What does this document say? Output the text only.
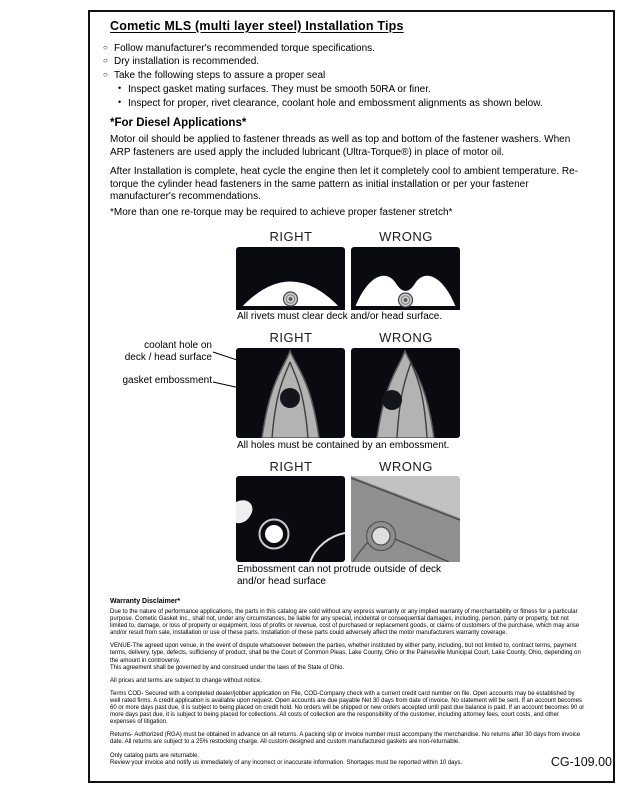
Cometic MLS (multi layer steel) Installation Tips
○ Follow manufacturer's recommended torque specifications.
○ Dry installation is recommended.
○ Take the following steps to assure a proper seal
• Inspect gasket mating surfaces. They must be smooth 50RA or finer.
• Inspect for proper, rivet clearance, coolant hole and embossment alignments as shown below.
*For Diesel Applications*

Motor oil should be applied to fastener threads as well as top and bottom of the fastener washers. When ARP fasteners are used apply the included lubricant (Ultra-Torque®) in place of motor oil.

After Installation is complete, heat cycle the engine then let it completely cool to ambient temperature. Re-torque the cylinder head fasteners in the same pattern as initial installation or per your fastener manufacturer's recommendations.

*More than one re-torque may be required to achieve proper fastener stretch*

RIGHT	WRONG
All rivets must clear deck and/or head surface.
RIGHT	WRONG
coolant hole on
deck / head surface
gasket embossment
All holes must be contained by an embossment.
RIGHT	WRONG
Embossment can not protrude outside of deck and/or head surface
Warranty Disclaimer*

Due to the nature of performance applications, the parts in this catalog are sold without any express warranty or any implied warranty of merchantability or fitness for a particular purpose. Cometic Gasket Inc., shall not, under any circumstances, be liable for any special, incidental or consequential damages, including, person, party or property, but not limited to, damage, or loss of property or equipment, loss of profits or revenue, cost of purchased or replacement goods, or claims of customers of the purchase, which may arise and/or result from sale, installation or use of these parts. Installation of these parts could adversely affect the motor manufacturers warranty coverage.

VENUE-The agreed upon venue, in the event of dispute whatsoever between the parties, whether instituted by either party, including, but not limited to, contract terms, payment terms, delivery, type, defects, sufficiency of product, shall be the Court of Common Pleas, Lake County, Ohio or the Painesville Municipal Court, Lake County, Ohio, depending on the amount in controversy.

This agreement shall be governed by and construed under the laws of the State of Ohio.

All prices and terms are subject to change without notice.

Terms COD- Secured with a completed dealer/jobber application on File, COD-Company check with a current credit card number on file. Open accounts may be established by well rated firms. A credit application is available upon request. Open accounts are due payable Net 30 days from date of invoice. No statement will be sent. If an account becomes 60 or more days past due, it is subject to being placed on credit hold. No orders will be shipped or new orders accepted until past due balance is paid. If an account becomes 90 or more days past due, it is subject to being placed for collections. All costs of collection are the responsibility of the customer, including attorney fees, court costs, and other expenses of litigation.

Returns- Authorized (RGA) must be obtained in advance on all returns. A packing slip or invoice number must accompany the merchandise. No returns after 30 days from invoice date. All returns are subject to a 25% restocking charge. All custom designed and custom manufactured gaskets are non-returnable.

Only catalog parts are returnable.

Review your invoice and notify us immediately of any incorrect or inaccurate information. Shortages must be reported within 10 days.	CG-109.00
